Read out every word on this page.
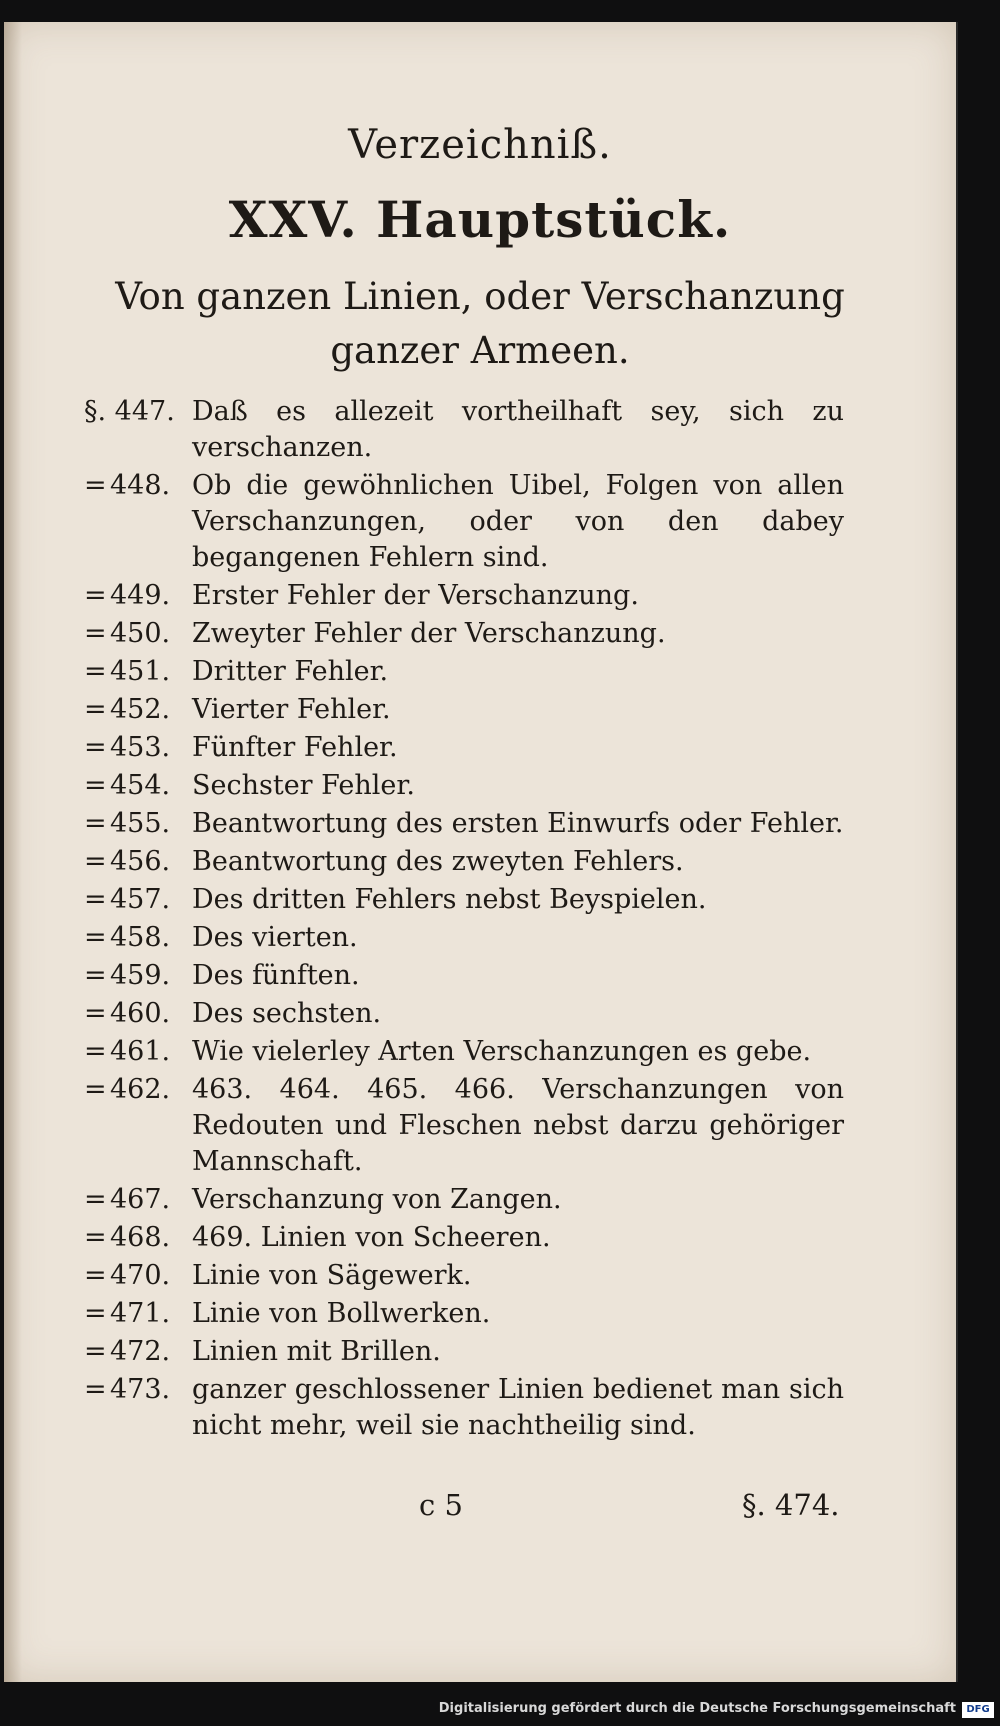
Verzeichniß.
XXV. Hauptstück.
Von ganzen Linien, oder Verschanzung ganzer Armeen.
§. 447. Daß es allezeit vortheilhaft sey, sich zu verschanzen.
= 448. Ob die gewöhnlichen Uibel, Folgen von allen Verschanzungen, oder von den dabey begangenen Fehlern sind.
= 449. Erster Fehler der Verschanzung.
= 450. Zweyter Fehler der Verschanzung.
= 451. Dritter Fehler.
= 452. Vierter Fehler.
= 453. Fünfter Fehler.
= 454. Sechster Fehler.
= 455. Beantwortung des ersten Einwurfs oder Fehler.
= 456. Beantwortung des zweyten Fehlers.
= 457. Des dritten Fehlers nebst Beyspielen.
= 458. Des vierten.
= 459. Des fünften.
= 460. Des sechsten.
= 461. Wie vielerley Arten Verschanzungen es gebe.
= 462. 463. 464. 465. 466. Verschanzungen von Redouten und Fleschen nebst darzu gehöriger Mannschaft.
= 467. Verschanzung von Zangen.
= 468. 469. Linien von Scheeren.
= 470. Linie von Sägewerk.
= 471. Linie von Bollwerken.
= 472. Linien mit Brillen.
= 473. ganzer geschlossener Linien bedienet man sich nicht mehr, weil sie nachtheilig sind.
c 5	§. 474.
Digitalisierung gefördert durch die Deutsche Forschungsgemeinschaft	DFG
